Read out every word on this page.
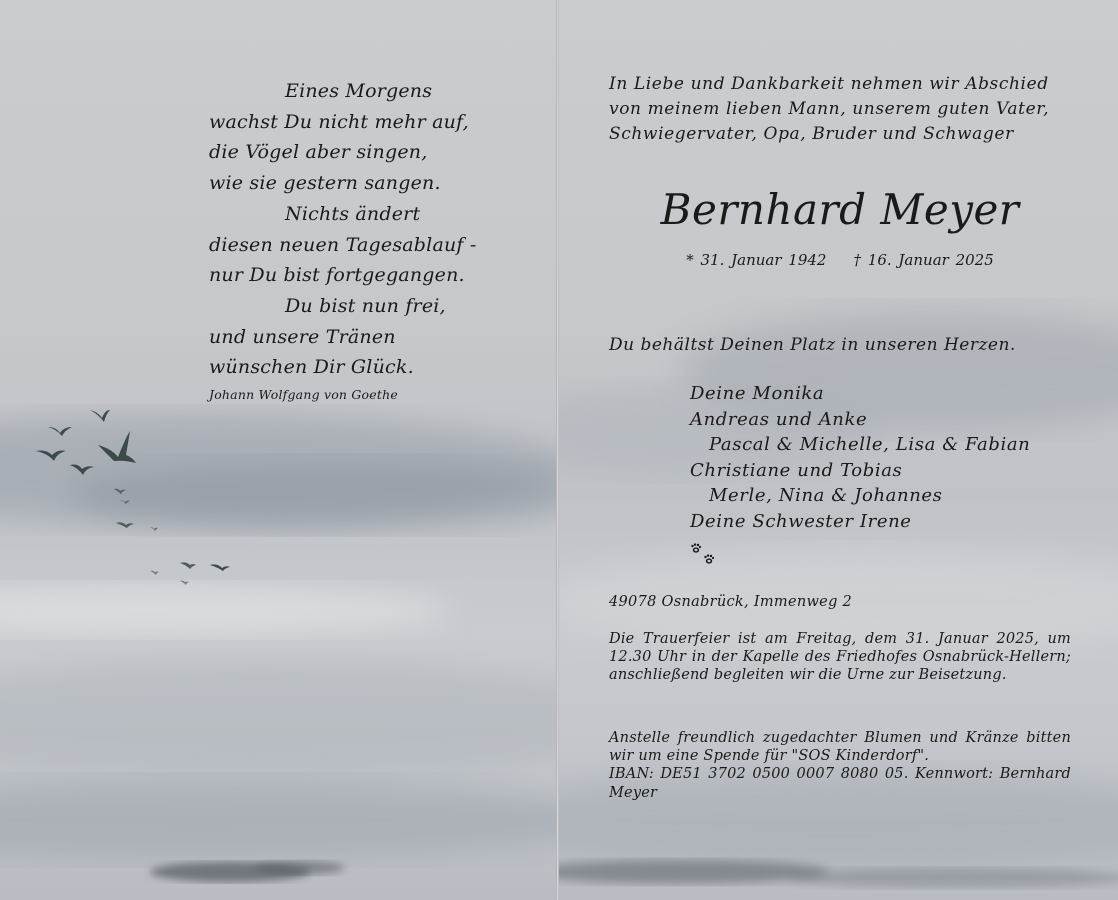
Eines Morgens
wachst Du nicht mehr auf,
die Vögel aber singen,
wie sie gestern sangen.
Nichts ändert
diesen neuen Tagesablauf -
nur Du bist fortgegangen.
Du bist nun frei,
und unsere Tränen
wünschen Dir Glück.
Johann Wolfgang von Goethe
In Liebe und Dankbarkeit nehmen wir Abschied
von meinem lieben Mann, unserem guten Vater,
Schwiegervater, Opa, Bruder und Schwager
Bernhard Meyer
* 31. Januar 1942    † 16. Januar 2025
Du behältst Deinen Platz in unseren Herzen.
Deine Monika
Andreas und Anke
Pascal & Michelle, Lisa & Fabian
Christiane und Tobias
Merle, Nina & Johannes
Deine Schwester Irene
49078 Osnabrück, Immenweg 2
Die Trauerfeier ist am Freitag, dem 31. Januar 2025, um 12.30 Uhr in der Kapelle des Friedhofes Osnabrück-Hellern; anschließend begleiten wir die Urne zur Beisetzung.
Anstelle freundlich zugedachter Blumen und Kränze bitten wir um eine Spende für "SOS Kinderdorf".
IBAN: DE51 3702 0500 0007 8080 05. Kennwort: Bernhard Meyer
